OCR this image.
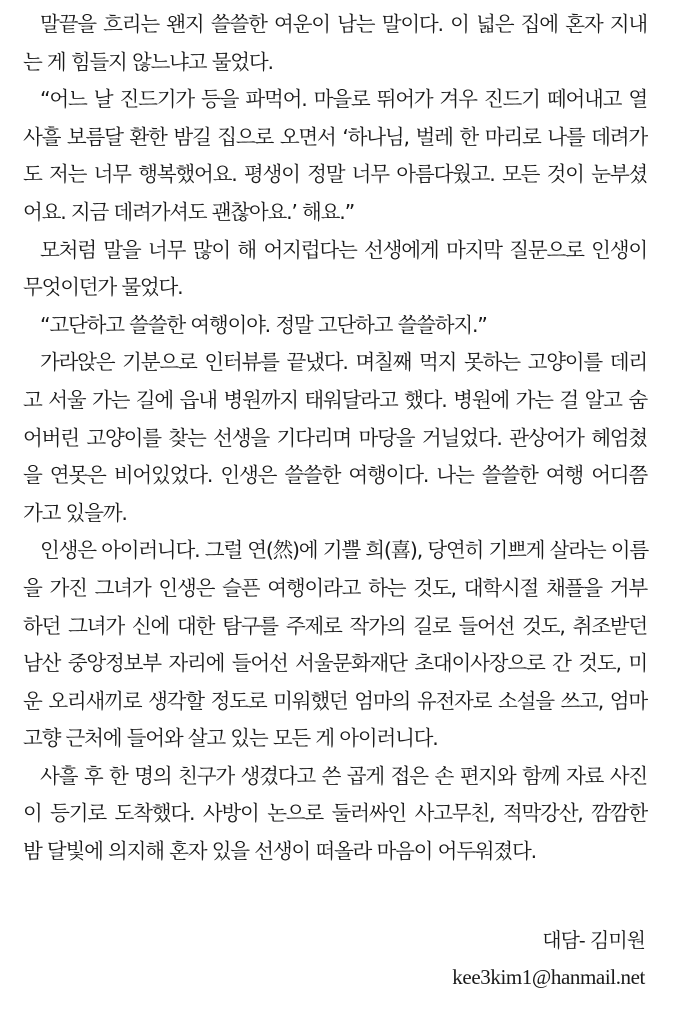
말끝을 흐리는 왠지 쓸쓸한 여운이 남는 말이다. 이 넓은 집에 혼자 지내
는 게 힘들지 않느냐고 물었다.
“어느 날 진드기가 등을 파먹어. 마을로 뛰어가 겨우 진드기 떼어내고 열
사흘 보름달 환한 밤길 집으로 오면서 ‘하나님, 벌레 한 마리로 나를 데려가
도 저는 너무 행복했어요. 평생이 정말 너무 아름다웠고. 모든 것이 눈부셨
어요. 지금 데려가셔도 괜찮아요.’ 해요.”
모처럼 말을 너무 많이 해 어지럽다는 선생에게 마지막 질문으로 인생이
무엇이던가 물었다.
“고단하고 쓸쓸한 여행이야. 정말 고단하고 쓸쓸하지.”
가라앉은 기분으로 인터뷰를 끝냈다. 며칠째 먹지 못하는 고양이를 데리
고 서울 가는 길에 읍내 병원까지 태워달라고 했다. 병원에 가는 걸 알고 숨
어버린 고양이를 찾는 선생을 기다리며 마당을 거닐었다. 관상어가 헤엄쳤
을 연못은 비어있었다. 인생은 쓸쓸한 여행이다. 나는 쓸쓸한 여행 어디쯤
가고 있을까.
인생은 아이러니다. 그럴 연(然)에 기쁠 희(喜), 당연히 기쁘게 살라는 이름
을 가진 그녀가 인생은 슬픈 여행이라고 하는 것도, 대학시절 채플을 거부
하던 그녀가 신에 대한 탐구를 주제로 작가의 길로 들어선 것도, 취조받던
남산 중앙정보부 자리에 들어선 서울문화재단 초대이사장으로 간 것도, 미
운 오리새끼로 생각할 정도로 미워했던 엄마의 유전자로 소설을 쓰고, 엄마
고향 근처에 들어와 살고 있는 모든 게 아이러니다.
사흘 후 한 명의 친구가 생겼다고 쓴 곱게 접은 손 편지와 함께 자료 사진
이 등기로 도착했다. 사방이 논으로 둘러싸인 사고무친, 적막강산, 깜깜한
밤 달빛에 의지해 혼자 있을 선생이 떠올라 마음이 어두워졌다.
대담- 김미원
kee3kim1@hanmail.net
